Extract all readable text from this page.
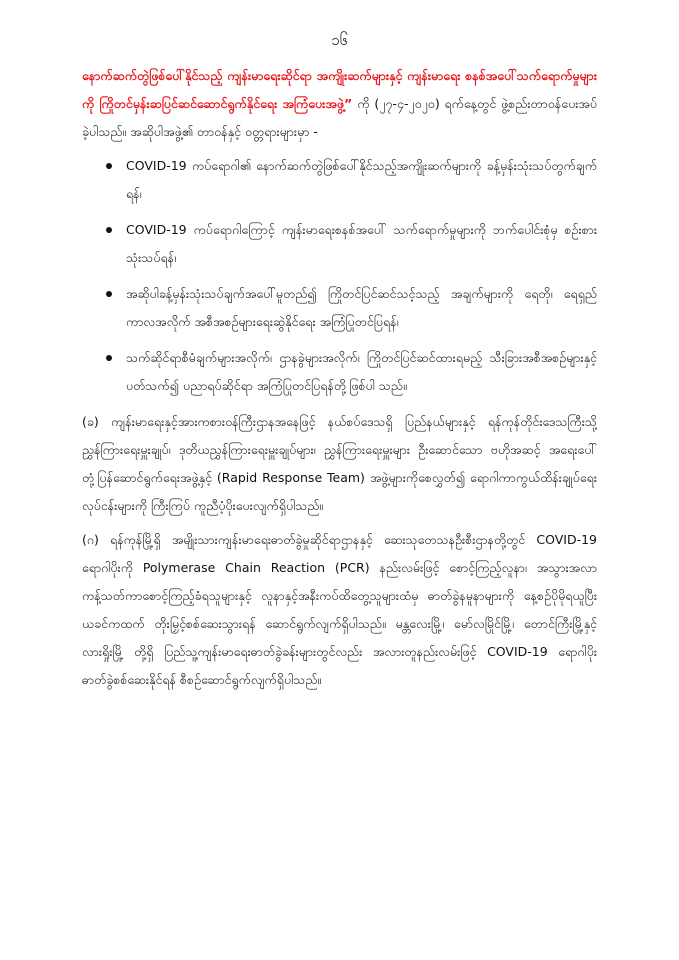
၁၆

နောက်ဆက်တွဲဖြစ်ပေါ်နိုင်သည့် ကျန်းမာရေးဆိုင်ရာ အကျိုးဆက်များနှင့် ကျန်းမာရေး စနစ်အပေါ်သက်ရောက်မှုများကို ကြိုတင်မှန်းဆပြင်ဆင်ဆောင်ရွက်နိုင်ရေး အကြံပေးအဖွဲ့” ကို (၂၇-၄-၂၀၂၀) ရက်နေ့တွင် ဖွဲ့စည်းတာဝန်ပေးအပ်ခဲ့ပါသည်။ အဆိုပါအဖွဲ့၏ တာဝန်နှင့် ဝတ္တရားများမှာ -

COVID-19 ကပ်ရောဂါ၏ နောက်ဆက်တွဲဖြစ်ပေါ်နိုင်သည့်အကျိုးဆက်များကို ခန့်မှန်းသုံးသပ်တွက်ချက်ရန်၊
COVID-19 ကပ်ရောဂါကြောင့် ကျန်းမာရေးစနစ်အပေါ် သက်ရောက်မှုများကို ဘက်ပေါင်းစုံမှ စဉ်းစားသုံးသပ်ရန်၊
အဆိုပါခန့်မှန်းသုံးသပ်ချက်အပေါ်မူတည်၍ ကြိုတင်ပြင်ဆင်သင့်သည့် အချက်များကို ရေတို၊ ရေရှည်ကာလအလိုက် အစီအစဉ်များရေးဆွဲနိုင်ရေး အကြံပြုတင်ပြရန်၊
သက်ဆိုင်ရာစီမံချက်များအလိုက်၊ ဌာနခွဲများအလိုက်၊ ကြိုတင်ပြင်ဆင်ထားရမည့် သီးခြားအစီအစဉ်များနှင့်ပတ်သက်၍ ပညာရပ်ဆိုင်ရာ အကြံပြုတင်ပြရန်တို့ဖြစ်ပါ သည်။

(ခ) ကျန်းမာရေးနှင့်အားကစားဝန်ကြီးဌာနအနေဖြင့် နယ်စပ်ဒေသရှိ ပြည်နယ်များနှင့် ရန်ကုန်တိုင်းဒေသကြီးသို့ညွှန်ကြားရေးမှူးချုပ်၊ ဒုတိယညွှန်ကြားရေးမှူးချုပ်များ၊ ညွှန်ကြားရေးမှူးများ ဦးဆောင်သော ဗဟိုအဆင့် အရေးပေါ်တုံ့ပြန်ဆောင်ရွက်ရေးအဖွဲ့နှင့် (Rapid Response Team) အဖွဲ့များကိုစေလွှတ်၍ ရောဂါကာကွယ်ထိန်းချုပ်ရေးလုပ်ငန်းများကို ကြီးကြပ် ကူညီပံ့ပိုးပေးလျက်ရှိပါသည်။

(ဂ) ရန်ကုန်မြို့ရှိ အမျိုးသားကျန်းမာရေးဓာတ်ခွဲမှုဆိုင်ရာဌာနနှင့် ဆေးသုတေသနဦးစီးဌာနတို့တွင် COVID-19 ရောဂါပိုးကို Polymerase Chain Reaction (PCR) နည်းလမ်းဖြင့် စောင့်ကြည့်လူနာ၊ အသွားအလာကန့်သတ်ကာစောင့်ကြည့်ခံရသူများနှင့် လူနာနှင့်အနီးကပ်ထိတွေ့သူများထံမှ ဓာတ်ခွဲနမူနာများကို နေ့စဉ်ပိုမိုရယူပြီး ယခင်ကထက် တိုးမြှင့်စစ်ဆေးသွားရန် ဆောင်ရွက်လျက်ရှိပါသည်။ မန္တလေးမြို့၊ မော်လမြိုင်မြို့၊ တောင်ကြီးမြို့နှင့် လားရှိုးမြို့ တို့ရှိ ပြည်သူ့ကျန်းမာရေးဓာတ်ခွဲခန်းများတွင်လည်း အလားတူနည်းလမ်းဖြင့် COVID-19 ရောဂါပိုး ဓာတ်ခွဲစစ်ဆေးနိုင်ရန် စီစဉ်ဆောင်ရွက်လျက်ရှိပါသည်။
